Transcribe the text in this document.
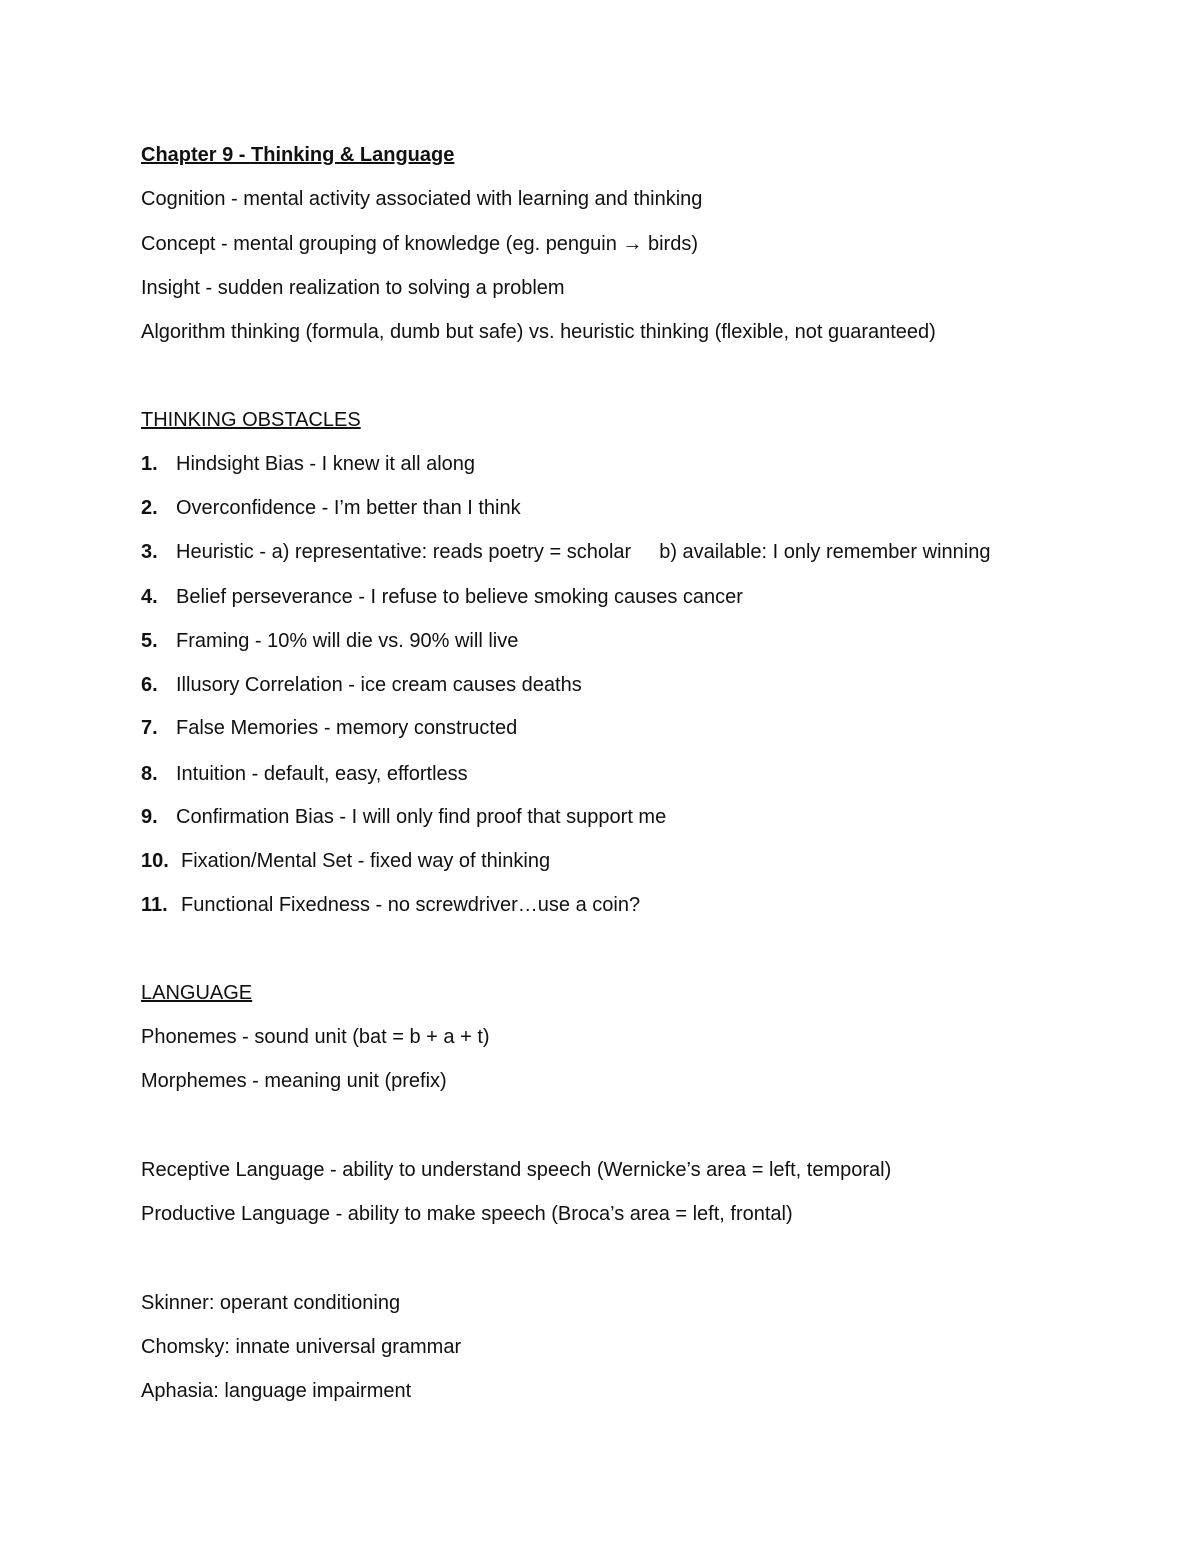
Chapter 9 - Thinking & Language
Cognition - mental activity associated with learning and thinking
Concept - mental grouping of knowledge (eg. penguin → birds)
Insight - sudden realization to solving a problem
Algorithm thinking (formula, dumb but safe) vs. heuristic thinking (flexible, not guaranteed)
THINKING OBSTACLES
1. Hindsight Bias - I knew it all along
2. Overconfidence - I’m better than I think
3. Heuristic - a) representative: reads poetry = scholar b) available: I only remember winning
4. Belief perseverance - I refuse to believe smoking causes cancer
5. Framing - 10% will die vs. 90% will live
6. Illusory Correlation - ice cream causes deaths
7. False Memories - memory constructed
8. Intuition - default, easy, effortless
9. Confirmation Bias - I will only find proof that support me
10. Fixation/Mental Set - fixed way of thinking
11. Functional Fixedness - no screwdriver…use a coin?
LANGUAGE
Phonemes - sound unit (bat = b + a + t)
Morphemes - meaning unit (prefix)
Receptive Language - ability to understand speech (Wernicke’s area = left, temporal)
Productive Language - ability to make speech (Broca’s area = left, frontal)
Skinner: operant conditioning
Chomsky: innate universal grammar
Aphasia: language impairment
